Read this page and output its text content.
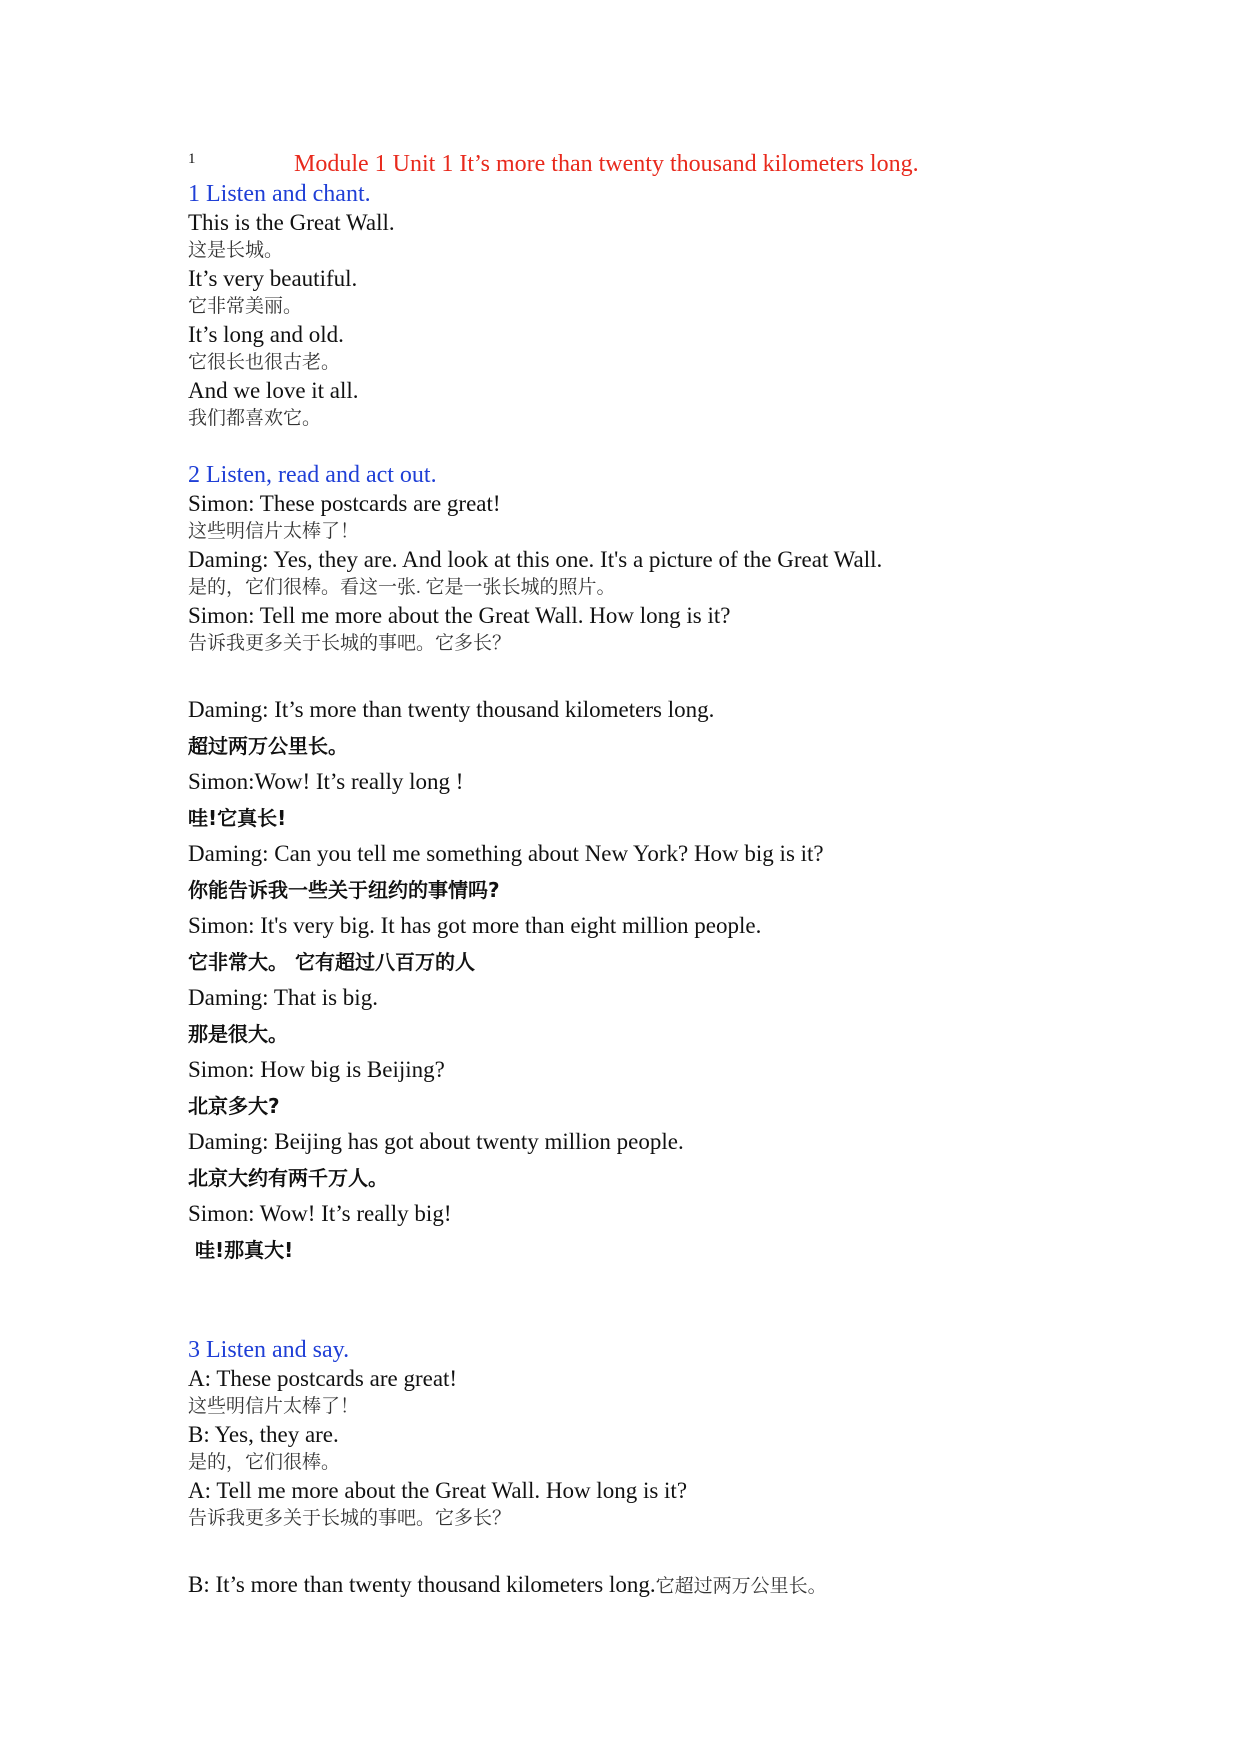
1	Module 1 Unit 1 It’s more than twenty thousand kilometers long.
1 Listen and chant.
This is the Great Wall.
这是长城。
It’s very beautiful.
它非常美丽。
It’s long and old.
它很长也很古老。
And we love it all.
我们都喜欢它。
2 Listen, read and act out.
Simon: These postcards are great!
这些明信片太棒了！
Daming: Yes, they are. And look at this one. It's a picture of the Great Wall.
是的，它们很棒。看这一张. 它是一张长城的照片。
Simon: Tell me more about the Great Wall. How long is it?
告诉我更多关于长城的事吧。它多长？
Daming: It’s more than twenty thousand kilometers long.
超过两万公里长。
Simon:Wow! It’s really long !
哇!它真长!
Daming: Can you tell me something about New York? How big is it?
你能告诉我一些关于纽约的事情吗?
Simon: It's very big. It has got more than eight million people.
它非常大。 它有超过八百万的人
Daming: That is big.
那是很大。
Simon: How big is Beijing?
北京多大?
Daming: Beijing has got about twenty million people.
北京大约有两千万人。
Simon: Wow! It’s really big!
哇!那真大!
3 Listen and say.
A: These postcards are great!
这些明信片太棒了！
B: Yes, they are.
是的，它们很棒。
A: Tell me more about the Great Wall. How long is it?
告诉我更多关于长城的事吧。它多长？
B: It’s more than twenty thousand kilometers long.它超过两万公里长。
